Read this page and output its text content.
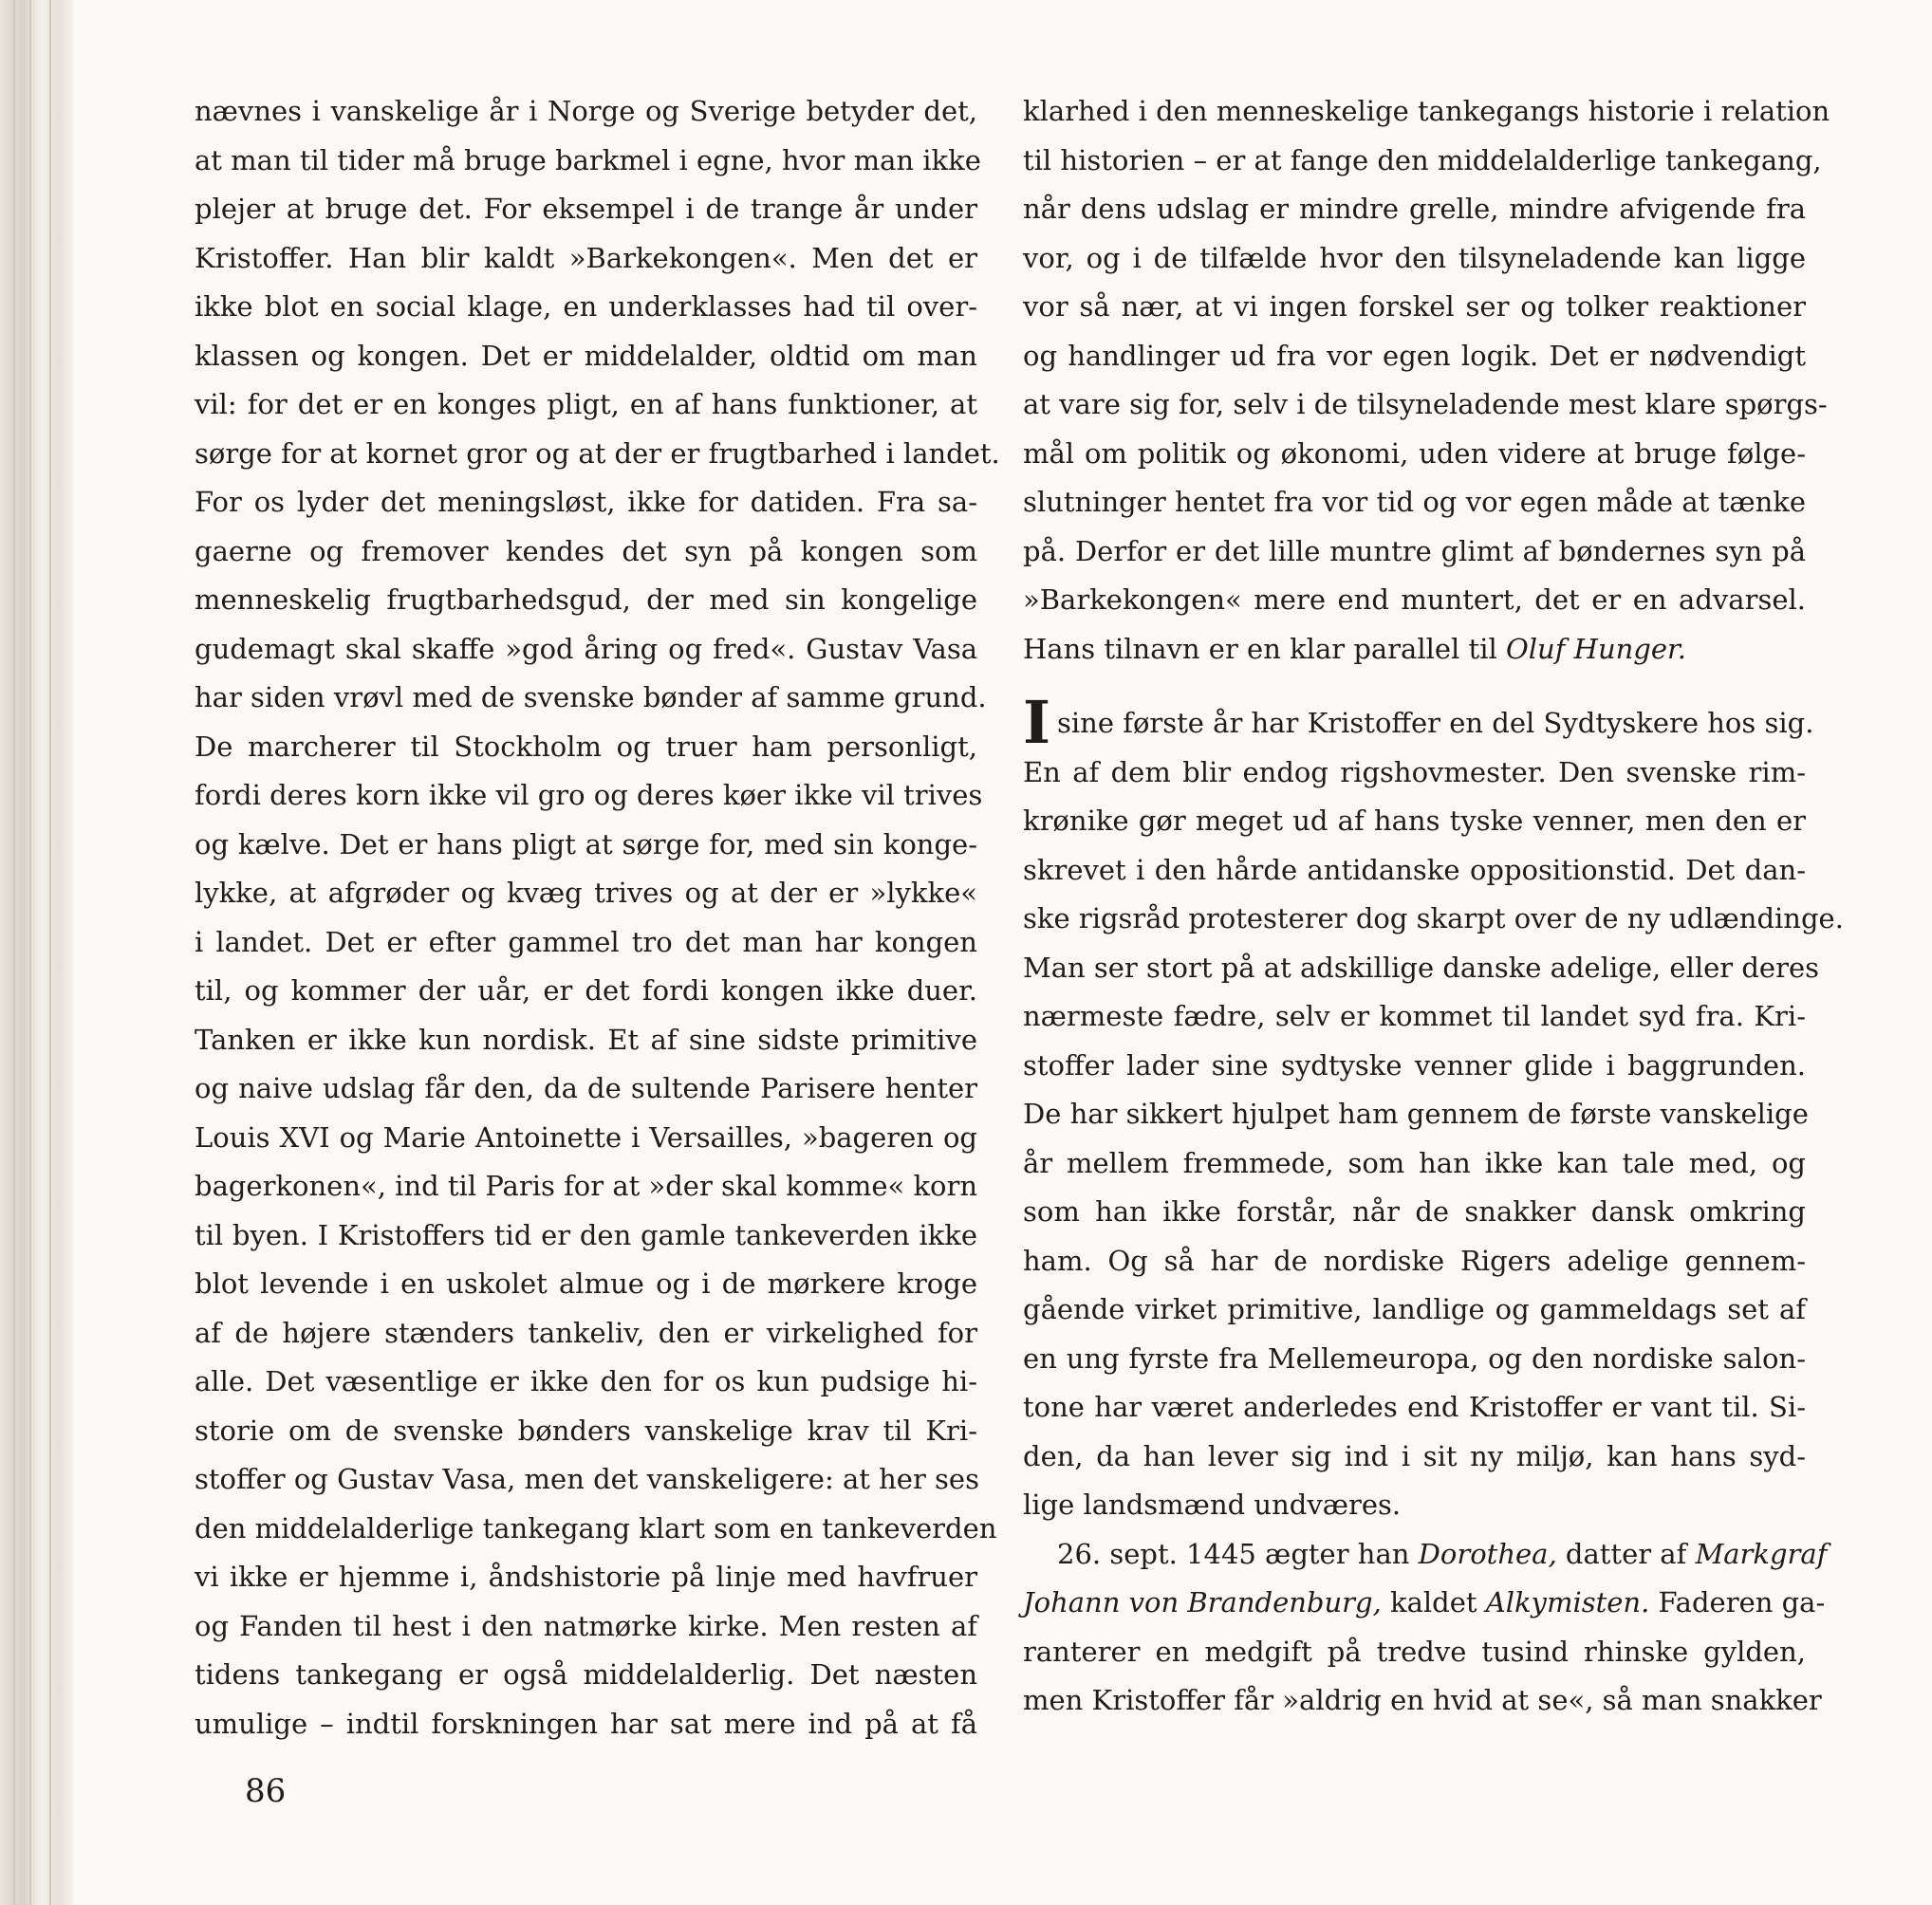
nævnes i vanskelige år i Norge og Sverige betyder det,
at man til tider må bruge barkmel i egne, hvor man ikke
plejer at bruge det. For eksempel i de trange år under
Kristoffer. Han blir kaldt »Barkekongen«. Men det er
ikke blot en social klage, en underklasses had til over-
klassen og kongen. Det er middelalder, oldtid om man
vil: for det er en konges pligt, en af hans funktioner, at
sørge for at kornet gror og at der er frugtbarhed i landet.
For os lyder det meningsløst, ikke for datiden. Fra sa-
gaerne og fremover kendes det syn på kongen som
menneskelig frugtbarhedsgud, der med sin kongelige
gudemagt skal skaffe »god åring og fred«. Gustav Vasa
har siden vrøvl med de svenske bønder af samme grund.
De marcherer til Stockholm og truer ham personligt,
fordi deres korn ikke vil gro og deres køer ikke vil trives
og kælve. Det er hans pligt at sørge for, med sin konge-
lykke, at afgrøder og kvæg trives og at der er »lykke«
i landet. Det er efter gammel tro det man har kongen
til, og kommer der uår, er det fordi kongen ikke duer.
Tanken er ikke kun nordisk. Et af sine sidste primitive
og naive udslag får den, da de sultende Parisere henter
Louis XVI og Marie Antoinette i Versailles, »bageren og
bagerkonen«, ind til Paris for at »der skal komme« korn
til byen. I Kristoffers tid er den gamle tankeverden ikke
blot levende i en uskolet almue og i de mørkere kroge
af de højere stænders tankeliv, den er virkelighed for
alle. Det væsentlige er ikke den for os kun pudsige hi-
storie om de svenske bønders vanskelige krav til Kri-
stoffer og Gustav Vasa, men det vanskeligere: at her ses
den middelalderlige tankegang klart som en tankeverden
vi ikke er hjemme i, åndshistorie på linje med havfruer
og Fanden til hest i den natmørke kirke. Men resten af
tidens tankegang er også middelalderlig. Det næsten
umulige – indtil forskningen har sat mere ind på at få
klarhed i den menneskelige tankegangs historie i relation
til historien – er at fange den middelalderlige tankegang,
når dens udslag er mindre grelle, mindre afvigende fra
vor, og i de tilfælde hvor den tilsyneladende kan ligge
vor så nær, at vi ingen forskel ser og tolker reaktioner
og handlinger ud fra vor egen logik. Det er nødvendigt
at vare sig for, selv i de tilsyneladende mest klare spørgs-
mål om politik og økonomi, uden videre at bruge følge-
slutninger hentet fra vor tid og vor egen måde at tænke
på. Derfor er det lille muntre glimt af bøndernes syn på
»Barkekongen« mere end muntert, det er en advarsel.
Hans tilnavn er en klar parallel til Oluf Hunger.
I sine første år har Kristoffer en del Sydtyskere hos sig.
En af dem blir endog rigshovmester. Den svenske rim-
krønike gør meget ud af hans tyske venner, men den er
skrevet i den hårde antidanske oppositionstid. Det dan-
ske rigsråd protesterer dog skarpt over de ny udlændinge.
Man ser stort på at adskillige danske adelige, eller deres
nærmeste fædre, selv er kommet til landet syd fra. Kri-
stoffer lader sine sydtyske venner glide i baggrunden.
De har sikkert hjulpet ham gennem de første vanskelige
år mellem fremmede, som han ikke kan tale med, og
som han ikke forstår, når de snakker dansk omkring
ham. Og så har de nordiske Rigers adelige gennem-
gående virket primitive, landlige og gammeldags set af
en ung fyrste fra Mellemeuropa, og den nordiske salon-
tone har været anderledes end Kristoffer er vant til. Si-
den, da han lever sig ind i sit ny miljø, kan hans syd-
lige landsmænd undværes.
26. sept. 1445 ægter han Dorothea, datter af Markgraf
Johann von Brandenburg, kaldet Alkymisten. Faderen ga-
ranterer en medgift på tredve tusind rhinske gylden,
men Kristoffer får »aldrig en hvid at se«, så man snakker
86
